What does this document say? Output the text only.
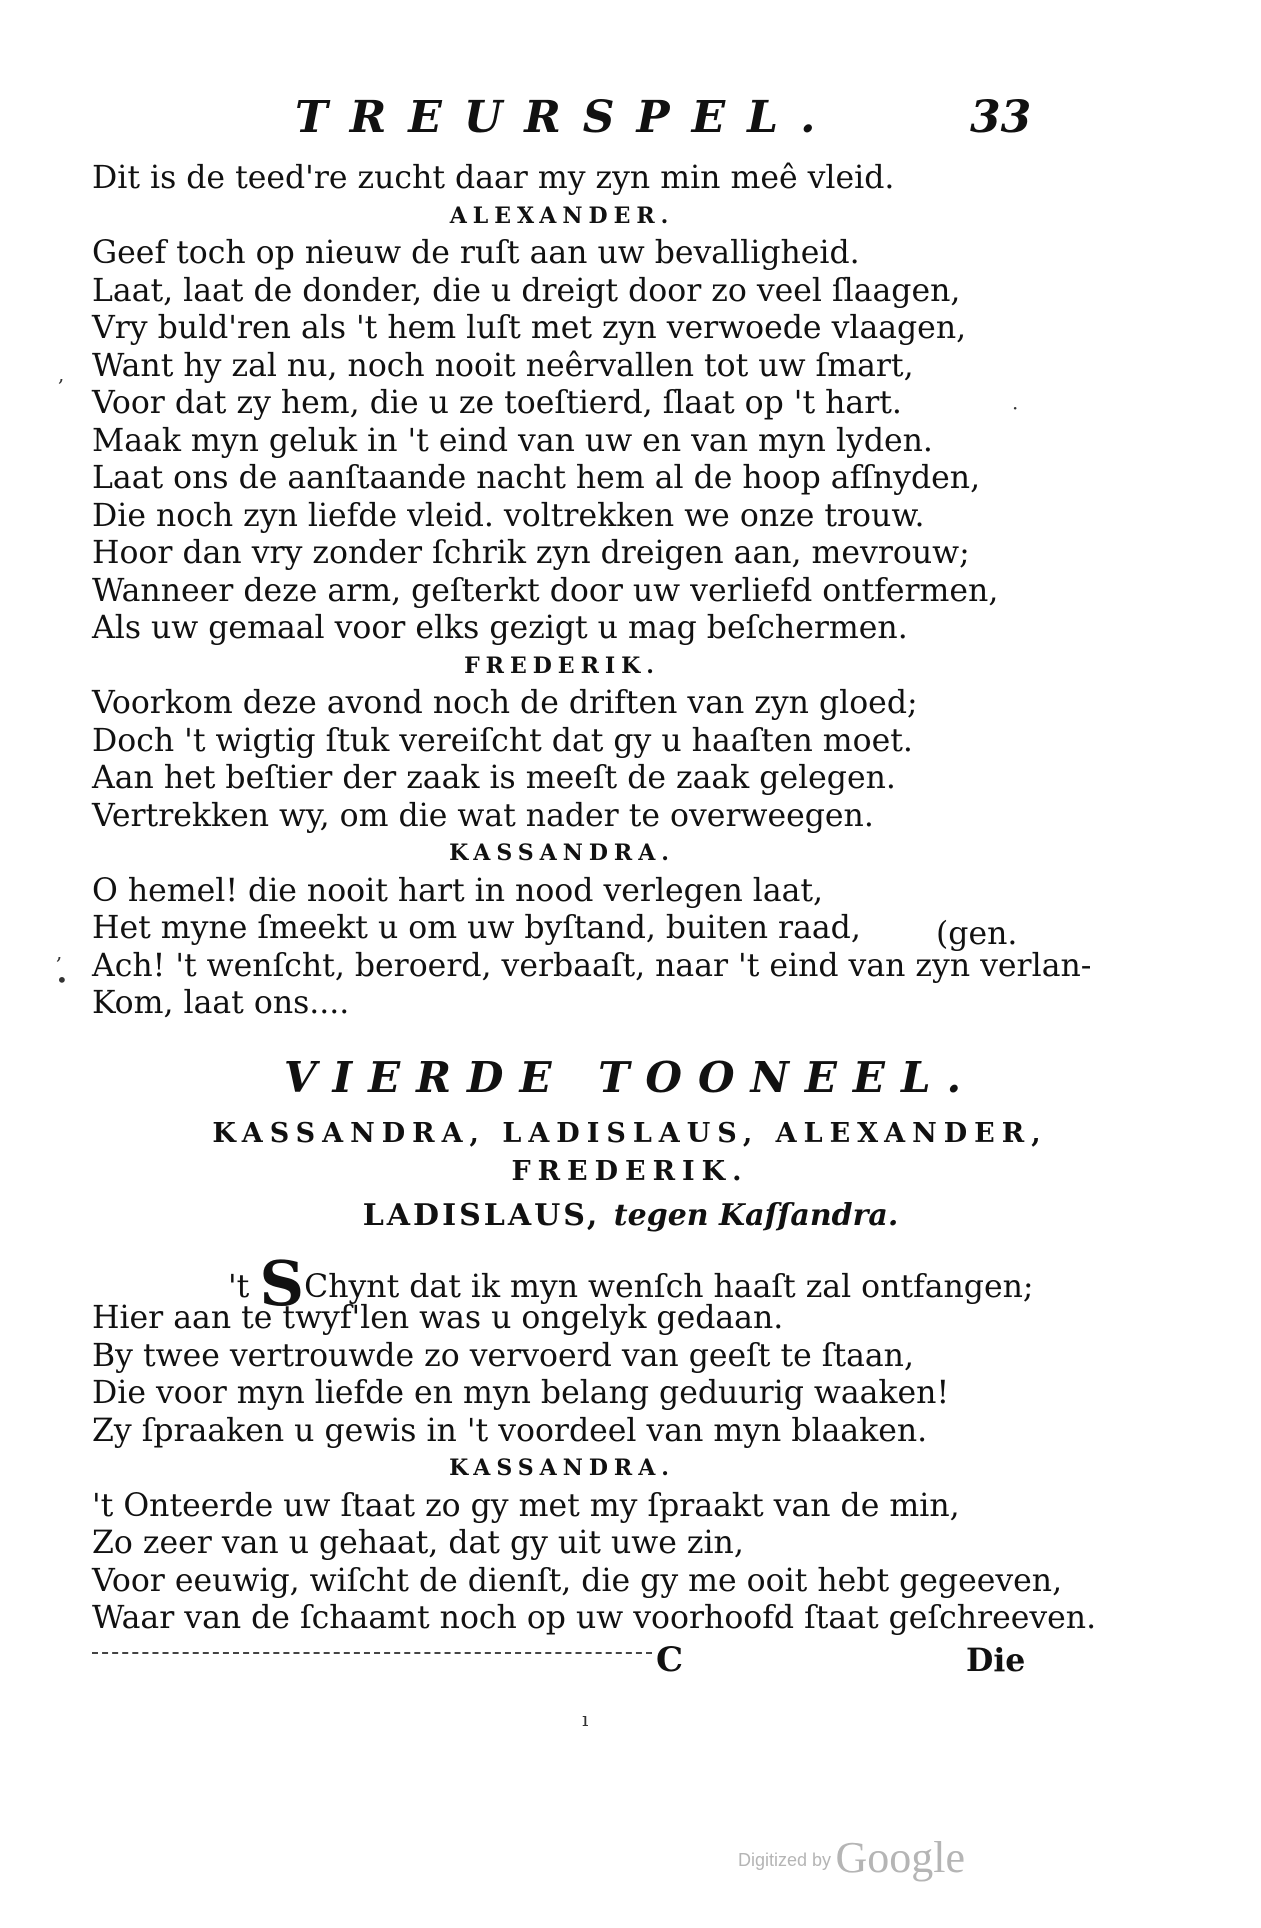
TREURSPEL.	33
Dit is de teed're zucht daar my zyn min meê vleid.
ALEXANDER.
Geef toch op nieuw de ruſt aan uw bevalligheid.
Laat, laat de donder, die u dreigt door zo veel ſlaagen,
Vry buld'ren als 't hem luſt met zyn verwoede vlaagen,
Want hy zal nu, noch nooit neêrvallen tot uw ſmart,
Voor dat zy hem, die u ze toeſtierd, ſlaat op 't hart.
Maak myn geluk in 't eind van uw en van myn lyden.
Laat ons de aanſtaande nacht hem al de hoop afſnyden,
Die noch zyn liefde vleid. voltrekken we onze trouw.
Hoor dan vry zonder ſchrik zyn dreigen aan, mevrouw;
Wanneer deze arm, geſterkt door uw verliefd ontfermen,
Als uw gemaal voor elks gezigt u mag beſchermen.
FREDERIK.
Voorkom deze avond noch de driften van zyn gloed;
Doch 't wigtig ſtuk vereiſcht dat gy u haaſten moet.
Aan het beſtier der zaak is meeſt de zaak gelegen.
Vertrekken wy, om die wat nader te overweegen.
KASSANDRA.
O hemel! die nooit hart in nood verlegen laat,
Het myne ſmeekt u om uw byſtand, buiten raad,
Ach! 't wenſcht, beroerd, verbaaſt, naar 't eind van zyn verlan-
Kom, laat ons....
(gen.
VIERDE TOONEEL.
KASSANDRA, LADISLAUS, ALEXANDER,
FREDERIK.
LADISLAUS, tegen Kaſſandra.
't SChynt dat ik myn wenſch haaſt zal ontfangen;
Hier aan te twyf'len was u ongelyk gedaan.
By twee vertrouwde zo vervoerd van geeſt te ſtaan,
Die voor myn liefde en myn belang geduurig waaken!
Zy ſpraaken u gewis in 't voordeel van myn blaaken.
KASSANDRA.
't Onteerde uw ſtaat zo gy met my ſpraakt van de min,
Zo zeer van u gehaat, dat gy uit uwe zin,
Voor eeuwig, wiſcht de dienſt, die gy me ooit hebt gegeeven,
Waar van de ſchaamt noch op uw voorhoofd ſtaat geſchreeven.
C	Die
,
·
,
•
ı
Digitized by Google
